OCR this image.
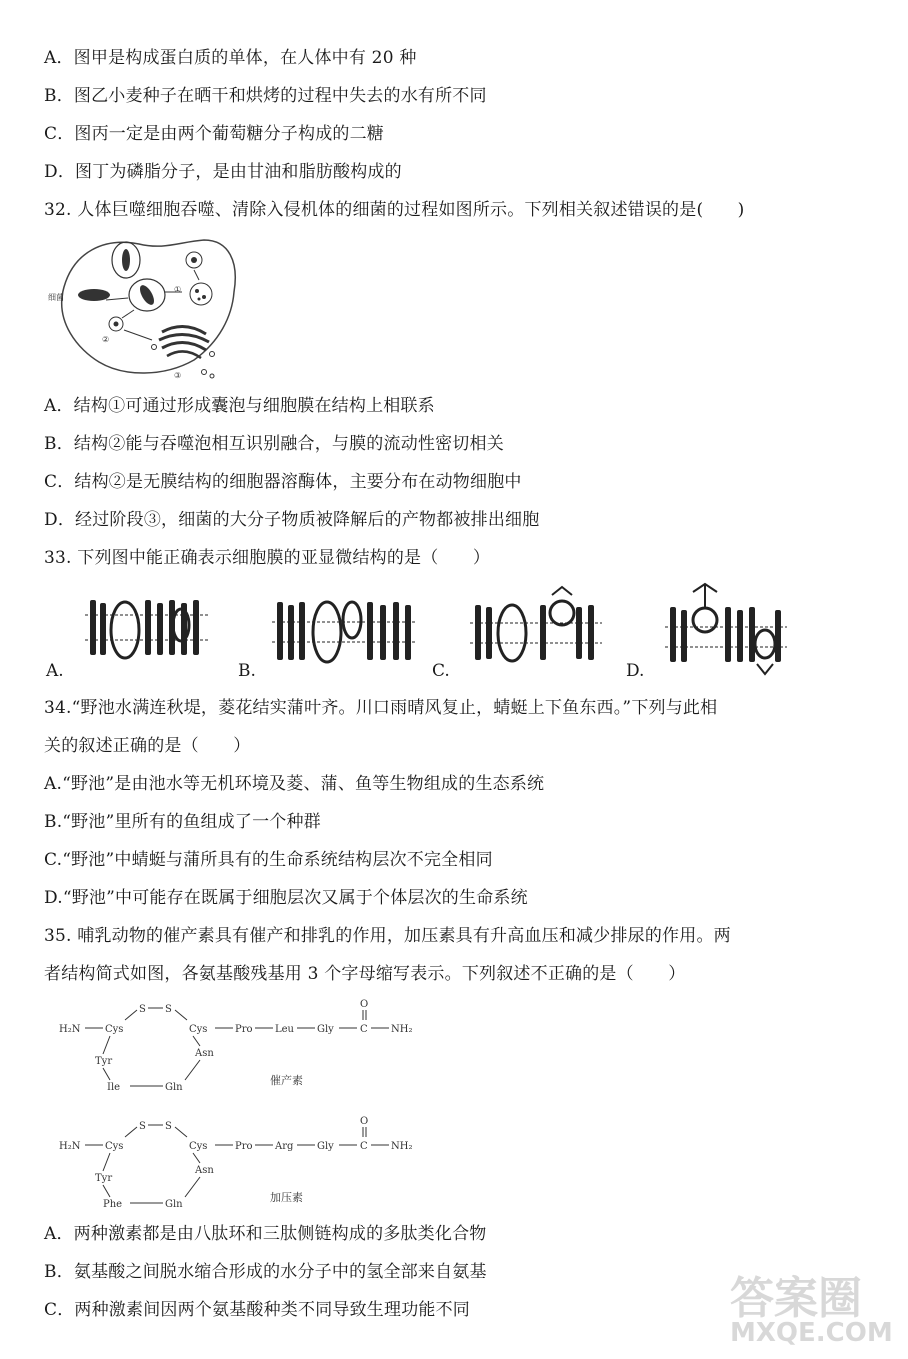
A．图甲是构成蛋白质的单体，在人体中有 20 种
B．图乙小麦种子在晒干和烘烤的过程中失去的水有所不同
C．图丙一定是由两个葡萄糖分子构成的二糖
D．图丁为磷脂分子，是由甘油和脂肪酸构成的
32. 人体巨噬细胞吞噬、清除入侵机体的细菌的过程如图所示。下列相关叙述错误的是(　　)
细菌
①
②
③
A．结构①可通过形成囊泡与细胞膜在结构上相联系
B．结构②能与吞噬泡相互识别融合，与膜的流动性密切相关
C．结构②是无膜结构的细胞器溶酶体，主要分布在动物细胞中
D．经过阶段③，细菌的大分子物质被降解后的产物都被排出细胞
33. 下列图中能正确表示细胞膜的亚显微结构的是（　　）
A.	B.	C.	D.
34.“野池水满连秋堤，菱花结实蒲叶齐。川口雨晴风复止，蜻蜓上下鱼东西。”下列与此相
关的叙述正确的是（　　）
A.“野池”是由池水等无机环境及菱、蒲、鱼等生物组成的生态系统
B.“野池”里所有的鱼组成了一个种群
C.“野池”中蜻蜓与蒲所具有的生命系统结构层次不完全相同
D.“野池”中可能存在既属于细胞层次又属于个体层次的生命系统
35. 哺乳动物的催产素具有催产和排乳的作用，加压素具有升高血压和减少排尿的作用。两
者结构简式如图，各氨基酸残基用 3 个字母缩写表示。下列叙述不正确的是（　　）
H₂N Cys
S S
Cys	Pro Leu Gly	C
O
NH₂
Tyr
Ile	Gln
Asn
催产素
H₂N Cys
S S
Cys	Pro Arg Gly	C
O
NH₂
Tyr
Phe	Gln
Asn
加压素
A．两种激素都是由八肽环和三肽侧链构成的多肽类化合物
B．氨基酸之间脱水缩合形成的水分子中的氢全部来自氨基
C．两种激素间因两个氨基酸种类不同导致生理功能不同	答案圈
MXQE.COM
